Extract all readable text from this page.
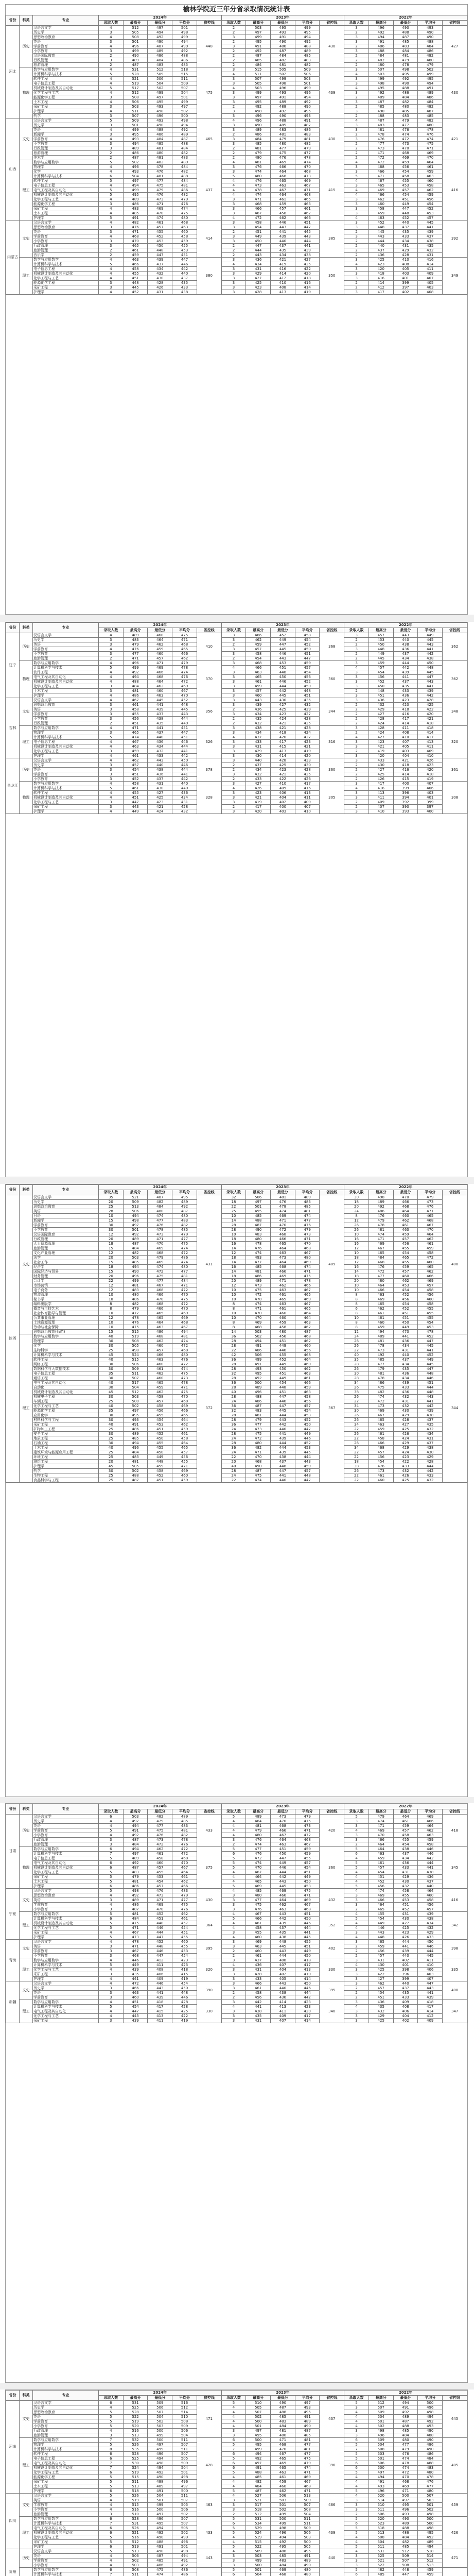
榆林学院近三年分省录取情况统计表
省份	科类	专业	2024年					2023年					2022年				
			录取人数	最高分	最低分	平均分	省控线	录取人数	最高分	最低分	平均分	省控线	录取人数	最高分	最低分	平均分	省控线
河北	历史	汉语言文学	4	512	497	501	448	2	503	495	499	430	3	496	490	493	427
		历史学	3	505	494	498		2	497	493	495		2	492	488	490	
		思想政治教育	4	508	492	499		3	499	491	494		3	494	487	490	
		英语	3	501	490	494		2	495	490	492		3	491	485	488	
		学前教育	4	496	487	490		3	491	486	488		2	486	483	484	
		小学教育	3	499	489	492		2	492	487	489		3	488	484	486	
		汉语国际教育	2	490	486	488		2	487	484	485		2	484	481	482	
		行政管理	3	489	484	486		2	485	482	483		2	482	479	480	
		旅游管理	2	487	483	485		2	484	481	482		2	480	478	479	
	物理	数学与应用数学	4	531	512	518	475	3	515	505	509	439	3	507	498	502	430
		计算机科学与技术	5	528	509	515		4	511	502	506		4	503	495	499	
		软件工程	4	521	506	511		3	507	499	503		3	499	492	495	
		电子信息工程	4	519	504	509		3	505	498	501		3	498	490	494	
		机械设计制造及其自动化	5	517	502	507		4	503	496	499		4	495	488	491	
		化学工程与工艺	4	512	499	504		3	499	493	496		3	492	486	489	
		能源化学工程	3	508	497	501		3	497	491	494		2	489	484	486	
		土木工程	4	506	495	499		3	495	489	492		3	487	482	484	
		采矿工程	3	503	493	497		2	492	488	490		2	485	480	482	
		护理学	4	511	498	502		3	498	492	495		3	490	485	487	
		药学	3	507	496	500		3	496	490	493		2	488	483	485	
山西	文史	汉语言文学	5	509	493	498	465	4	496	488	491	430	4	487	479	482	421
		历史学	3	501	490	494		3	490	485	487		3	483	477	480	
		英语	4	499	488	492		3	489	483	486		3	481	476	478	
		新闻学	3	495	486	489		2	486	481	483		2	478	474	476	
		学前教育	4	493	484	487		3	484	479	481		3	476	472	474	
		小学教育	3	494	485	488		3	485	480	482		2	477	473	475	
		行政管理	3	489	481	484		2	481	477	479		2	473	470	471	
		旅游管理	2	486	480	482		2	479	475	477		2	471	468	469	
		美术学	2	487	481	483		2	480	476	478		2	472	469	470	
	理工	数学与应用数学	5	502	482	489	437	4	481	469	474	415	4	472	459	464	416
		物理学	4	496	478	484		3	476	466	470		3	468	456	461	
		化学	4	493	476	482		3	474	464	468		3	466	454	459	
		计算机科学与技术	6	504	481	488		5	480	468	473		5	471	458	463	
		软件工程	5	497	477	484		4	476	465	469		4	467	455	460	
		电子信息工程	4	494	475	481		4	473	463	467		3	465	453	458	
		电气工程及其自动化	5	499	479	486		4	478	467	471		4	469	457	462	
		机械设计制造及其自动化	5	495	476	482		4	474	464	468		4	466	454	459	
		化学工程与工艺	4	489	473	479		3	471	461	465		3	462	451	456	
		能源化学工程	3	486	471	476		3	468	459	463		3	460	449	454	
		采矿工程	4	483	469	474		3	466	457	461		3	458	447	452	
		土木工程	4	485	470	475		3	467	458	462		3	459	448	453	
		护理学	5	491	474	480		4	472	462	466		4	463	452	457	
内蒙古	文史	汉语言文学	4	482	461	468	414	3	458	446	451	385	3	452	440	445	392
		思想政治教育	3	476	457	463		3	454	443	447		3	448	437	441	
		英语	3	471	455	460		2	451	441	445		2	445	435	439	
		学前教育	4	468	452	458		3	449	439	443		3	443	433	437	
		小学教育	3	470	453	459		3	450	440	444		2	444	434	438	
		行政管理	3	465	450	455		2	447	437	441		2	440	431	435	
		旅游管理	2	461	448	453		2	444	435	439		2	437	429	432	
		音乐学	2	459	447	451		2	443	434	438		2	436	428	431	
	理工	数学与应用数学	4	463	439	447	380	3	436	421	427	350	3	425	410	416	349
		计算机科学与技术	5	466	437	446		4	434	419	425		4	423	408	414	
		电子信息工程	4	458	434	442		3	431	416	422		3	420	405	411	
		机械设计制造及其自动化	4	455	432	440		3	429	414	420		3	418	403	409	
		化学工程与工艺	4	451	430	437		3	427	412	418		3	416	401	407	
		能源化学工程	3	448	428	435		3	425	410	416		2	414	399	405	
		采矿工程	3	445	426	433		3	423	408	414		2	412	397	403	
		护理学	4	452	431	438		3	428	413	419		3	417	402	408	
省份	科类	专业	2024年					2023年					2022年				
			录取人数	最高分	最低分	平均分	省控线	录取人数	最高分	最低分	平均分	省控线	录取人数	最高分	最低分	平均分	省控线
辽宁	历史	汉语言文学	4	489	468	475	410	3	466	452	458	368	3	457	443	449	362
		历史学	3	483	464	471		3	462	449	454		2	453	440	445	
		英语	3	479	462	468		2	459	447	452		2	450	438	443	
		学前教育	4	476	459	465		3	457	445	450		3	448	436	441	
		小学教育	3	477	460	466		3	458	446	451		2	449	437	442	
		旅游管理	2	471	457	462		2	454	443	447		2	445	434	438	
	物理	数学与应用数学	4	496	471	479	370	3	468	453	459	360	3	459	444	450	362
		计算机科学与技术	5	499	469	478		4	466	451	457		4	457	442	448	
		软件工程	4	492	466	474		3	463	448	454		3	454	439	445	
		电气工程及其自动化	4	494	468	476		3	465	450	456		3	456	441	447	
		机械设计制造及其自动化	4	488	464	472		3	461	446	452		3	452	437	443	
		化学工程与工艺	3	484	462	469		3	459	444	450		3	450	435	441	
		土木工程	3	481	460	467		3	457	442	448		2	448	433	439	
		护理学	4	486	463	470		3	460	445	451		3	451	436	442	
吉林	文史	汉语言文学	4	467	445	452	356	3	443	430	435	344	3	436	423	428	348
		思想政治教育	3	461	441	448		3	439	427	432		2	432	420	425	
		英语	3	458	439	445		2	436	425	429		2	429	418	422	
		学前教育	3	455	437	443		3	434	423	427		2	427	416	420	
		小学教育	3	456	438	444		2	435	424	428		2	428	417	421	
		行政管理	2	451	435	440		2	432	421	425		2	424	414	418	
	理工	数学与应用数学	4	471	441	451	326	3	438	421	428	316	3	428	411	418	320
		物理学	3	465	437	447		3	434	418	424		2	424	408	414	
		计算机科学与技术	5	474	440	451		4	437	420	427		4	427	410	417	
		电子信息工程	4	467	436	446		3	433	417	423		3	423	407	413	
		机械设计制造及其自动化	4	463	434	444		3	431	415	421		3	421	405	411	
		化学工程与工艺	3	459	432	441		3	429	413	419		2	419	403	409	
		护理学	4	461	433	442		3	430	414	420		3	420	404	410	
黑龙江	历史	汉语言文学	4	462	443	450	378	3	440	428	433	360	3	433	421	426	361
		历史学	3	457	440	446		2	437	425	430		2	430	418	423	
		英语	3	454	438	444		2	434	423	428		2	427	416	420	
		学前教育	3	451	436	441		3	432	421	425		2	425	414	418	
		小学教育	3	452	437	442		2	433	422	426		2	426	415	419	
	物理	数学与应用数学	4	458	431	440	328	3	427	410	417	305	3	417	400	407	308
		计算机科学与技术	5	461	430	440		4	426	409	416		4	416	399	406	
		软件工程	4	455	427	436		3	423	406	413		3	413	396	403	
		机械设计制造及其自动化	4	451	425	434		3	421	404	411		3	411	394	401	
		化学工程与工艺	3	447	423	431		3	419	402	409		2	409	392	399	
		采矿工程	3	443	421	428		2	417	400	407		2	407	390	397	
		护理学	4	449	424	432		3	420	403	410		3	410	393	400	
省份	科类	专业	2024年					2023年					2022年				
			录取人数	最高分	最低分	平均分	省控线	录取人数	最高分	最低分	平均分	省控线	录取人数	最高分	最低分	平均分	省控线
陕西	文史	汉语言文学	35	521	487	495	431	32	506	481	489	409	30	498	470	479	400
		历史学	20	509	482	489		18	497	476	483		18	489	466	473	
		思想政治教育	25	513	484	492		22	501	478	485		20	492	468	476	
		英语	28	506	480	487		25	495	474	481		24	486	464	471	
		日语	10	494	474	480		10	485	469	474		8	476	460	465	
		新闻学	15	498	477	483		14	488	471	477		12	479	462	468	
		学前教育	30	497	476	482		28	487	470	476		26	478	461	467	
		小学教育	30	501	478	485		28	490	472	479		26	481	463	470	
		汉语国际教育	12	492	473	479		10	483	468	473		10	474	459	464	
		行政管理	20	489	471	477		18	480	466	471		16	471	457	462	
		人力资源管理	18	487	470	475		16	478	465	470		16	469	456	461	
		旅游管理	15	484	469	474		14	476	464	468		12	467	455	459	
		文化产业管理	12	482	468	472		12	474	463	467		10	465	454	458	
		法学	20	503	479	486		18	493	473	480		18	484	465	472	
		社会工作	15	485	469	474		14	477	464	469		12	468	455	460	
		经济学	18	494	474	480		16	485	468	474		16	476	459	465	
		国际经济与贸易	15	490	472	477		14	481	466	471		14	472	457	462	
		财务管理	20	496	475	481		18	486	469	475		18	477	460	466	
		会计学	22	499	477	484		20	489	471	478		20	480	462	469	
		市场营销	12	481	467	471		12	473	462	466		10	464	453	457	
		电子商务	12	483	468	472		10	475	463	467		10	466	454	458	
		物流管理	10	480	466	470		10	472	461	465		8	463	452	456	
		秘书学	10	486	470	475		10	478	465	469		8	469	456	460	
		编辑出版学	8	482	468	472		8	474	463	467		8	465	454	458	
		播音与主持艺术	8	479	466	470		8	471	461	465		6	462	452	455	
		社会体育指导与管理	10	477	465	469		10	470	460	464		8	461	451	455	
		公共事业管理	12	478	465	469		10	470	460	464		10	461	451	455	
		土地资源管理	10	476	464	468		8	469	459	463		8	460	450	454	
		劳动与社会保障	10	475	463	467		8	468	458	462		8	459	449	453	
		思想政治教育(师范)	15	515	486	494		14	503	480	487		12	494	470	478	
	理工	数学与应用数学	40	519	468	481	372	36	502	456	468	367	34	489	441	452	344
		物理学	30	508	462	474		28	494	451	462		26	481	436	447	
		化学	30	505	460	472		28	491	449	460		26	478	434	445	
		生物科学	25	498	457	468		22	486	446	456		22	473	431	441	
		计算机科学与技术	45	524	466	480		42	506	455	468		40	492	440	452	
		软件工程	40	515	463	476		36	499	452	464		35	485	437	449	
		网络工程	30	506	460	472		28	491	449	460		28	477	434	445	
		数据科学与大数据技术	30	509	461	474		28	493	450	462		26	479	435	447	
		电子信息工程	35	511	462	475		32	495	451	463		30	481	436	448	
		通信工程	30	507	460	473		28	492	449	461		28	478	434	446	
		电气工程及其自动化	40	517	465	478		36	500	454	466		34	486	439	451	
		自动化	30	504	459	471		28	489	448	459		26	475	433	444	
		机械设计制造及其自动化	45	512	462	475		40	496	451	463		38	482	436	448	
		机械电子工程	30	503	458	470		28	488	447	458		26	474	432	443	
		车辆工程	25	500	457	468		24	486	446	456		22	472	431	441	
		化学工程与工艺	40	502	458	469		36	487	447	457		34	473	432	442	
		能源化学工程	35	497	456	466		32	483	445	454		30	469	430	439	
		应用化学	30	495	455	465		28	481	444	453		26	467	429	438	
		材料科学与工程	30	493	454	464		28	479	443	452		26	465	428	437	
		采矿工程	40	491	453	462		36	477	442	450		34	463	427	435	
		矿物加工工程	25	486	451	459		24	473	440	447		22	459	425	432	
		安全工程	30	489	452	461		28	475	441	449		26	461	426	434	
		地质工程	25	485	450	458		24	472	439	446		22	458	424	431	
		石油工程	30	494	455	464		28	480	444	452		26	466	429	437	
		土木工程	40	496	455	465		36	482	444	453		34	468	429	438	
		建筑环境与能源应用工程	25	484	450	457		24	471	439	445		22	457	424	430	
		环境工程	25	483	449	456		22	470	438	444		22	456	423	429	
		测绘工程	20	481	448	455		20	468	437	443		18	454	422	428	
		护理学	45	505	459	471		40	490	448	459		38	476	433	444	
		药学	30	502	458	469		28	487	447	457		26	473	432	442	
		生物工程	25	488	452	460		24	475	441	448		22	461	426	433	
		食品科学与工程	25	487	451	459		22	474	440	447		22	460	425	432	
省份	科类	专业	2024年					2023年					2022年				
			录取人数	最高分	最低分	平均分	省控线	录取人数	最高分	最低分	平均分	省控线	录取人数	最高分	最低分	平均分	省控线
甘肃	历史	汉语言文学	6	503	482	489	433	5	489	473	479	420	5	479	464	469	418
		历史学	4	497	479	485		4	484	470	475		3	474	461	466	
		英语	4	494	477	483		4	481	468	473		3	471	459	464	
		学前教育	5	491	475	481		4	479	466	471		4	469	457	462	
		小学教育	4	492	476	482		4	480	467	472		3	470	458	463	
		行政管理	3	487	473	478		3	476	464	468		3	466	455	459	
		旅游管理	3	484	472	476		2	474	463	467		2	464	454	458	
	物理	数学与应用数学	6	494	462	472	375	5	477	451	459	360	5	464	438	446	345
		计算机科学与技术	7	497	461	472		6	476	450	459		6	463	437	446	
		电子信息工程	5	489	458	468		5	472	447	455		4	459	434	442	
		电气工程及其自动化	6	492	460	470		5	474	449	457		5	461	436	444	
		机械设计制造及其自动化	6	487	457	467		5	470	446	454		5	457	433	441	
		化学工程与工艺	5	483	455	464		4	467	444	451		4	454	431	438	
		采矿工程	5	479	453	461		4	464	442	449		4	451	429	436	
		土木工程	5	481	454	462		4	465	443	450		4	452	430	437	
		护理学	6	486	457	466		5	469	445	453		5	456	432	440	
宁夏	文史	汉语言文学	5	498	476	483	430	4	485	469	475	432	4	474	458	464	416
		思想政治教育	4	492	473	479		3	480	466	471		3	469	455	460	
		英语	3	489	471	477		3	477	464	469		3	466	453	458	
		学前教育	4	486	469	475		3	475	462	467		3	464	451	456	
		小学教育	3	487	470	476		3	476	463	468		2	465	452	457	
	理工	数学与应用数学	5	481	452	462	364	4	467	443	451	352	4	455	431	439	342
		计算机科学与技术	6	484	451	461		5	466	442	450		5	454	430	438	
		机械设计制造及其自动化	5	475	448	457		4	461	439	446		4	449	427	434	
		化学工程与工艺	5	471	446	454		4	458	437	444		4	446	425	432	
		采矿工程	4	467	444	451		3	455	435	441		3	443	423	429	
		护理学	5	473	447	455		4	460	438	445		4	448	426	433	
青海	文史	汉语言文学	4	478	452	460	395	3	469	448	455	402	3	465	444	450	398
		英语	3	471	448	455		3	463	445	451		2	459	441	446	
		学前教育	3	467	446	453		2	460	443	449		2	456	439	444	
		小学教育	3	468	447	454		2	461	444	450		2	457	440	445	
	理工	数学与应用数学	4	446	412	423	320	3	437	408	418	330	3	431	402	411	335
		计算机科学与技术	5	449	411	423		4	436	407	417		4	430	401	410	
		化学工程与工艺	4	439	408	418		3	431	404	413		3	425	398	406	
		采矿工程	3	435	406	415		3	428	402	410		3	422	396	403	
		护理学	4	441	409	419		3	433	405	414		3	427	399	407	
新疆	文史	汉语言文学	4	472	446	454	390	3	466	443	450	395	3	462	440	447	400
		历史学	3	466	443	450		3	461	440	446		2	457	437	443	
		英语	3	463	441	448		2	458	438	444		2	454	435	441	
		学前教育	3	460	439	446		2	456	436	442		2	451	433	439	
	理工	数学与应用数学	4	451	418	428	330	3	442	414	423	340	3	436	409	418	347
		计算机科学与技术	5	454	417	428		4	441	413	423		4	435	408	417	
		电气工程及其自动化	4	447	415	425		3	438	411	420		3	432	406	414	
		化学工程与工艺	4	443	413	422		3	435	409	417		3	429	404	412	
		采矿工程	3	439	411	419		3	431	407	414		3	425	402	409	
省份	科类	专业	2024年					2023年					2022年				
			录取人数	最高分	最低分	平均分	省控线	录取人数	最高分	最低分	平均分	省控线	录取人数	最高分	最低分	平均分	省控线
河南	文史	汉语言文学	6	531	509	516	471	5	510	490	497	437	5	512	494	500	445
		历史学	4	525	506	512		4	505	487	493		3	507	491	496	
		思想政治教育	5	528	507	514		4	507	488	495		4	509	492	498	
		英语	5	522	504	510		4	502	485	491		4	504	489	494	
		学前教育	5	519	502	508		4	500	483	489		4	501	487	492	
		小学教育	5	520	503	509		4	501	484	490		4	502	488	493	
		行政管理	4	516	500	506		3	497	481	487		3	498	485	490	
		旅游管理	3	513	499	504		3	495	480	485		3	496	484	488	
	理工	数学与应用数学	7	532	500	511	428	6	500	471	481	396	6	509	480	490	405
		物理学	5	526	497	507		5	495	468	477		5	504	477	486	
		计算机科学与技术	8	535	499	511		7	499	470	481		7	508	479	490	
		软件工程	6	528	496	507		6	494	467	477		5	503	476	486	
		电子信息工程	6	525	494	505		5	492	465	475		5	501	474	484	
		电气工程及其自动化	7	530	498	509		6	497	469	479		6	506	478	488	
		机械设计制造及其自动化	7	524	494	504		6	491	465	474		6	500	474	483	
		化学工程与工艺	6	519	492	501		5	488	463	471		5	497	472	480	
		能源化学工程	5	515	490	498		4	485	461	469		4	494	470	478	
		采矿工程	5	511	488	496		4	482	459	467		4	491	468	476	
		土木工程	5	513	489	497		4	484	460	468		4	493	469	477	
		护理学	6	518	491	500		5	487	462	471		5	496	471	480	
四川	文史	汉语言文学	5	526	504	511	463	4	527	506	513	466	4	520	500	507	459
		英语	4	519	501	507		3	521	503	509		3	514	497	503	
		学前教育	4	515	499	505		3	517	501	507		3	510	495	501	
		小学教育	4	516	500	506		3	518	502	508		3	511	496	502	
		旅游管理	3	510	497	502		2	512	499	504		2	506	493	498	
	理工	数学与应用数学	6	528	496	507	433	5	531	500	511	439	5	520	490	500	426
		计算机科学与技术	7	531	495	507		6	534	499	511		6	523	489	500	
		电气工程及其自动化	6	526	494	505		5	529	498	509		5	518	488	498	
		机械设计制造及其自动化	6	521	492	502		5	524	496	506		5	513	486	495	
		化学工程与工艺	5	516	490	499		4	519	494	503		4	508	484	492	
		采矿工程	5	512	488	496		4	515	492	500		4	504	482	489	
		护理学	6	519	491	501		5	522	495	505		5	511	485	494	
贵州	历史	汉语言文学	5	513	490	498	443	4	509	488	495	440	4	531	512	518	471
		英语	4	506	487	494		3	503	485	491		3	525	509	514	
		学前教育	4	502	485	491		3	499	483	489		3	521	507	512	
		小学教育	4	503	486	492		3	500	484	490		3	522	508	513	
	数学与应用数学	6	508	475	486		5	501	469	480		5	482	448	459	
		计算机科学与技术	7	511	474	486		6	504	468	480		6	485	447	459	
